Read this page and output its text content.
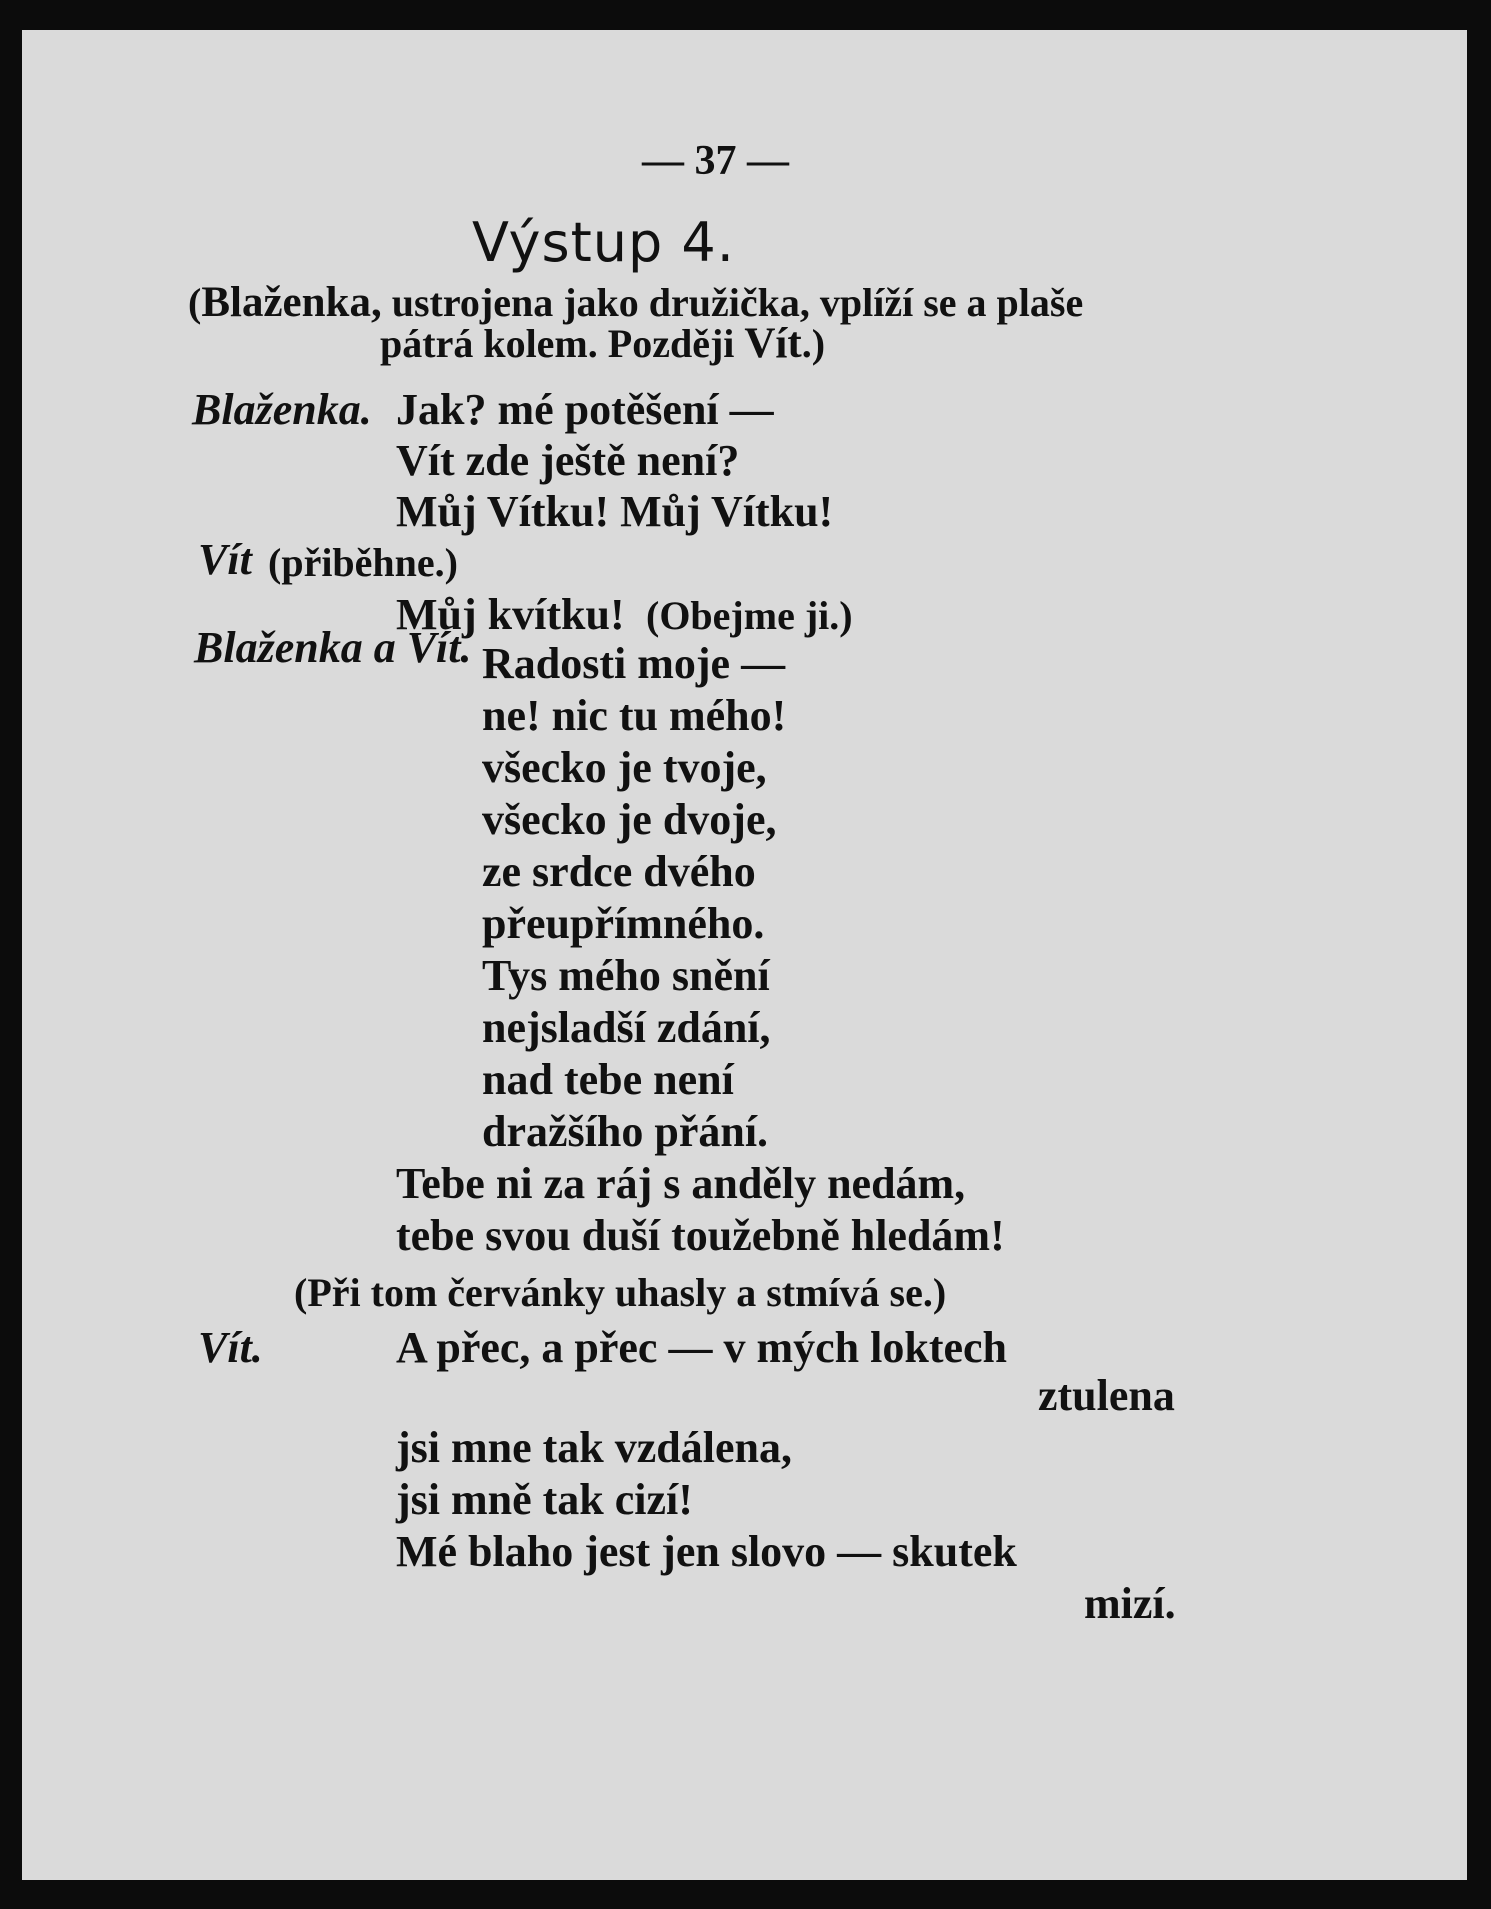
— 37 —
Výstup 4.
(Blaženka, ustrojena jako družička, vplíží se a plaše
pátrá kolem. Později Vít.)
Blaženka. Jak? mé potěšení —
Vít zde ještě není?
Můj Vítku! Můj Vítku!
Vít (přiběhne.)
Můj kvítku! (Obejme ji.)
Blaženka a Vít. Radosti moje —
ne! nic tu mého!
všecko je tvoje,
všecko je dvoje,
ze srdce dvého
přeupřímného.
Tys mého snění
nejsladší zdání,
nad tebe není
dražšího přání.
Tebe ni za ráj s anděly nedám,
tebe svou duší toužebně hledám!
(Při tom červánky uhasly a stmívá se.)
Vít.	A přec, a přec — v mých loktech
ztulena
jsi mne tak vzdálena,
jsi mně tak cizí!
Mé blaho jest jen slovo — skutek
mizí.
